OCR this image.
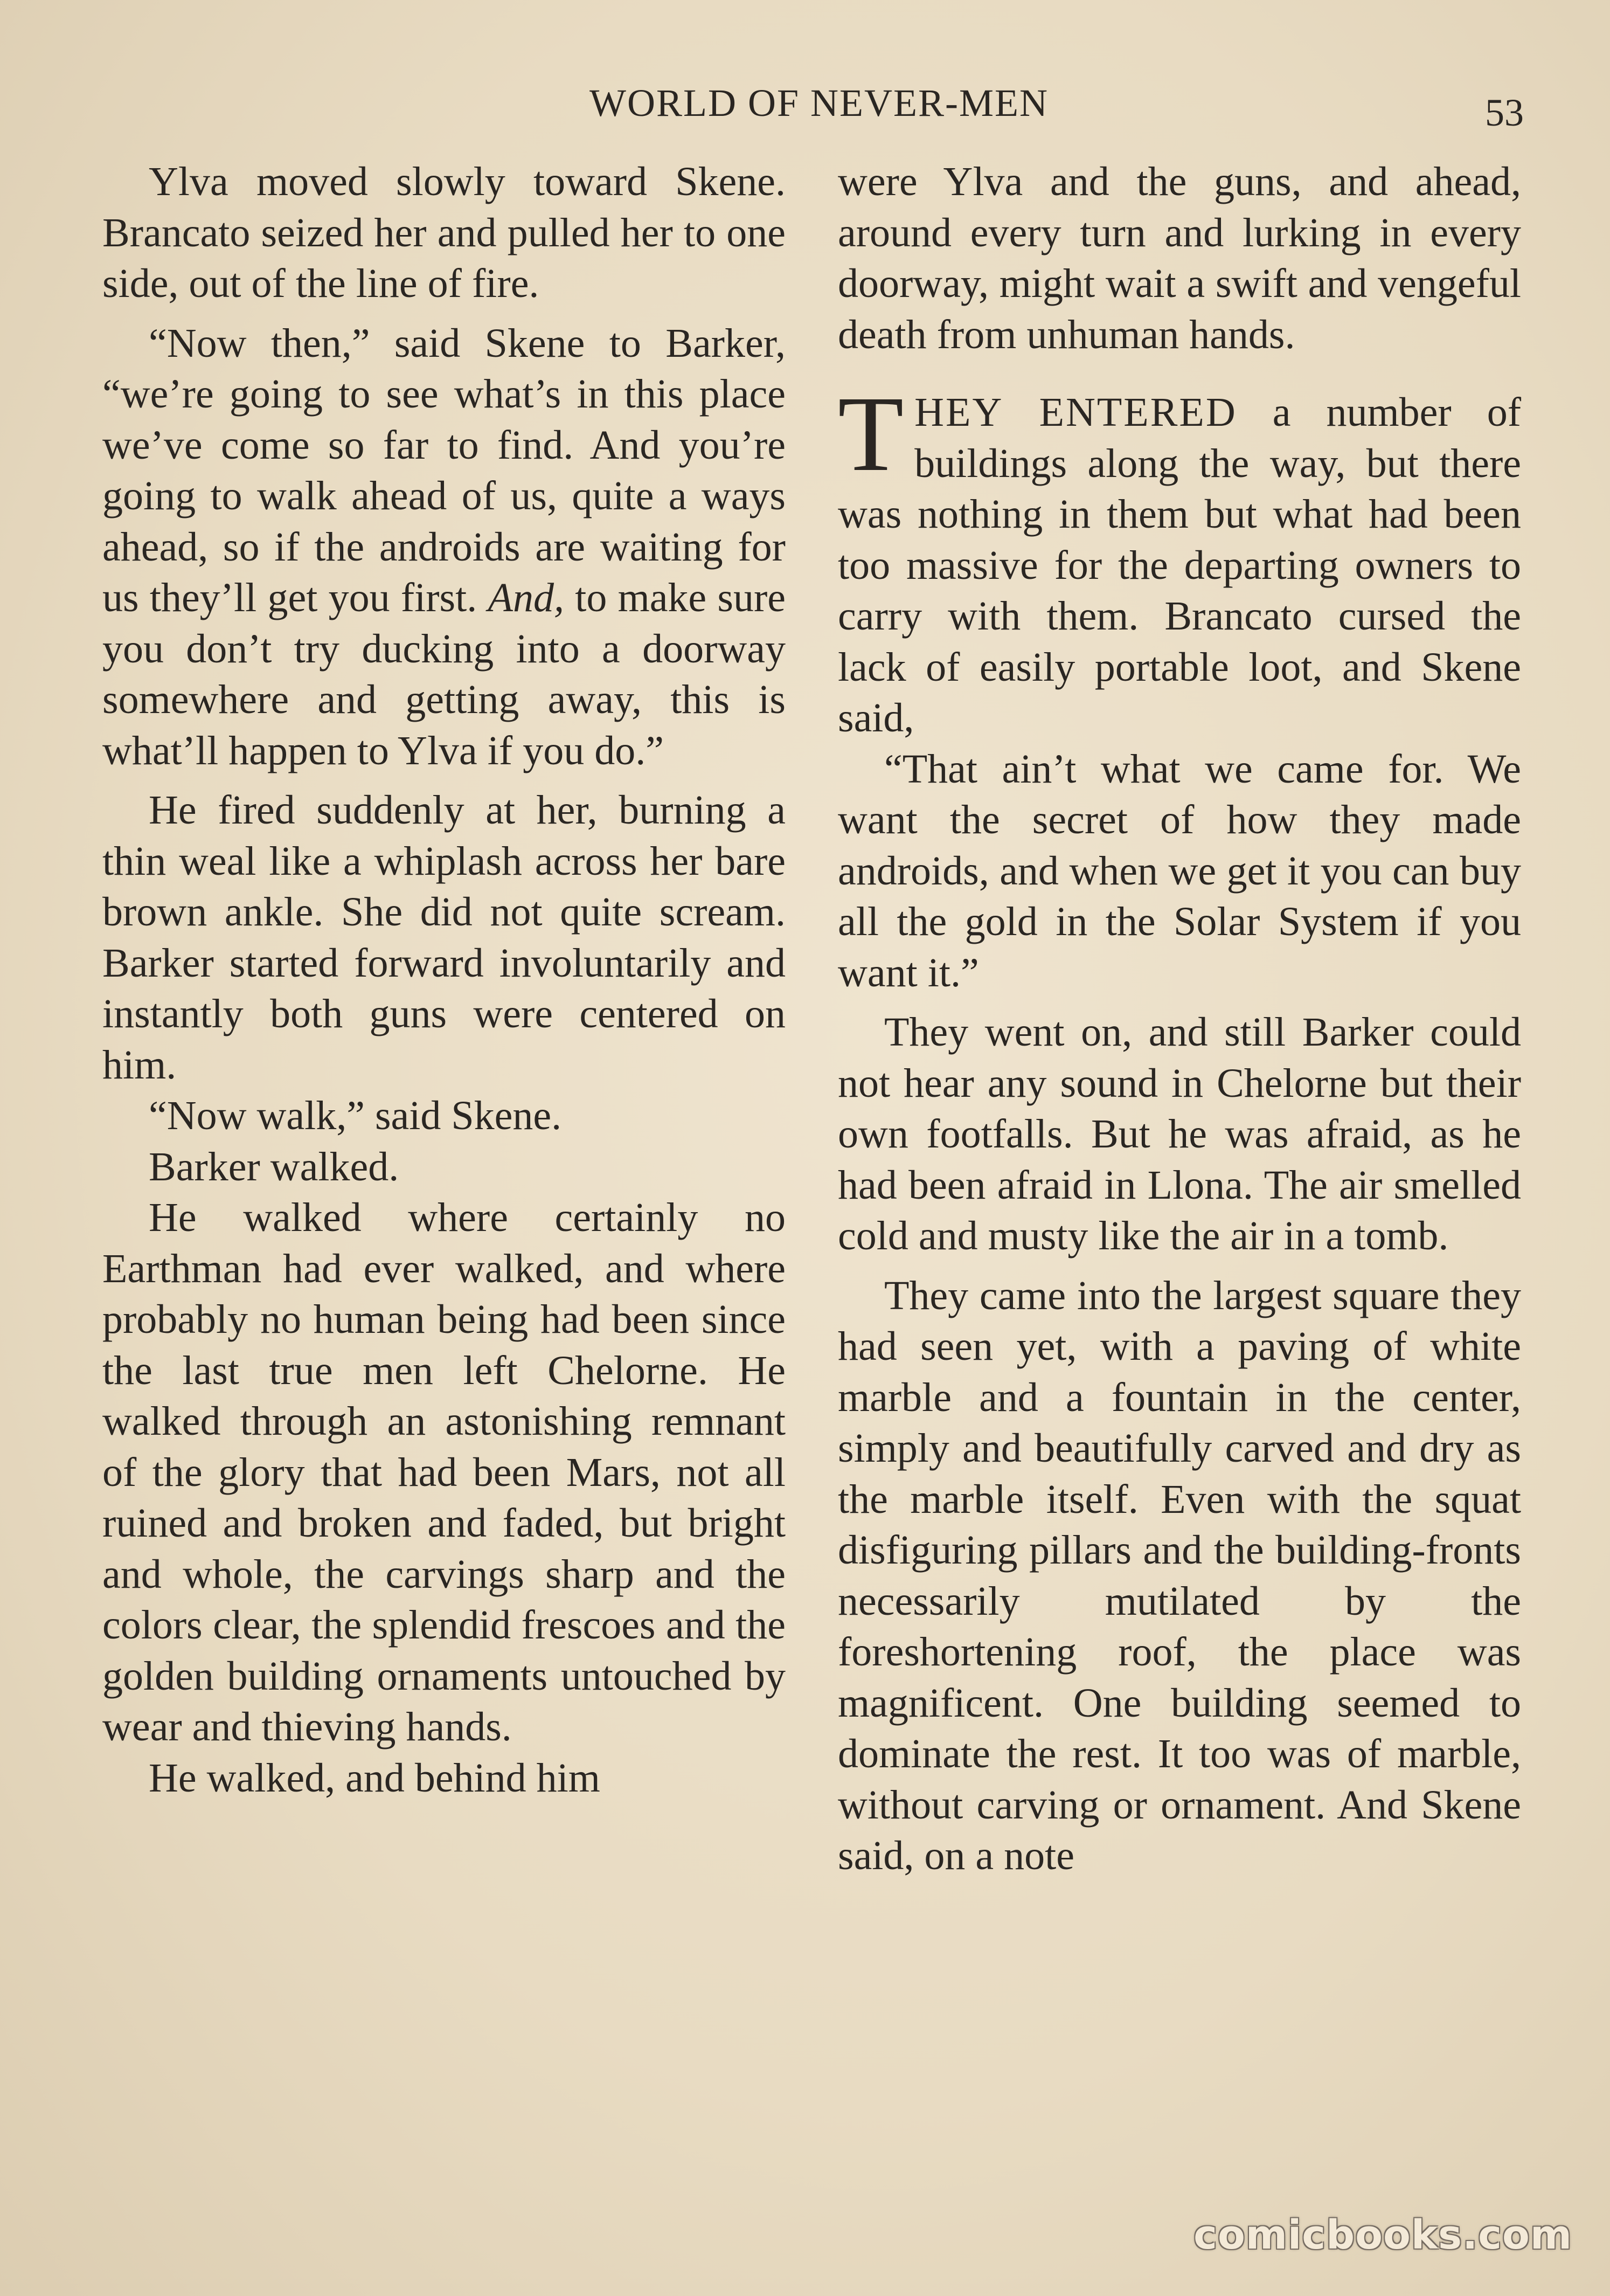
WORLD OF NEVER-MEN	53

Ylva moved slowly toward Skene. Brancato seized her and pulled her to one side, out of the line of fire.

“Now then,” said Skene to Barker, “we’re going to see what’s in this place we’ve come so far to find. And you’re going to walk ahead of us, quite a ways ahead, so if the androids are waiting for us they’ll get you first. And, to make sure you don’t try ducking into a doorway somewhere and getting away, this is what’ll happen to Ylva if you do.”

He fired suddenly at her, burning a thin weal like a whiplash across her bare brown ankle. She did not quite scream. Barker started forward involuntarily and instantly both guns were centered on him.

“Now walk,” said Skene.

Barker walked.

He walked where certainly no Earthman had ever walked, and where probably no human being had been since the last true men left Chelorne. He walked through an astonishing remnant of the glory that had been Mars, not all ruined and broken and faded, but bright and whole, the carvings sharp and the colors clear, the splendid frescoes and the golden building ornaments untouched by wear and thieving hands.

He walked, and behind him

were Ylva and the guns, and ahead, around every turn and lurking in every doorway, might wait a swift and vengeful death from unhuman hands.

THEY ENTERED a number of buildings along the way, but there was nothing in them but what had been too massive for the departing owners to carry with them. Brancato cursed the lack of easily portable loot, and Skene said,

“That ain’t what we came for. We want the secret of how they made androids, and when we get it you can buy all the gold in the Solar System if you want it.”

They went on, and still Barker could not hear any sound in Chelorne but their own footfalls. But he was afraid, as he had been afraid in Llona. The air smelled cold and musty like the air in a tomb.

They came into the largest square they had seen yet, with a paving of white marble and a fountain in the center, simply and beautifully carved and dry as the marble itself. Even with the squat disfiguring pillars and the building-fronts necessarily mutilated by the foreshortening roof, the place was magnificent. One building seemed to dominate the rest. It too was of marble, without carving or ornament. And Skene said, on a note

comicbooks.com
